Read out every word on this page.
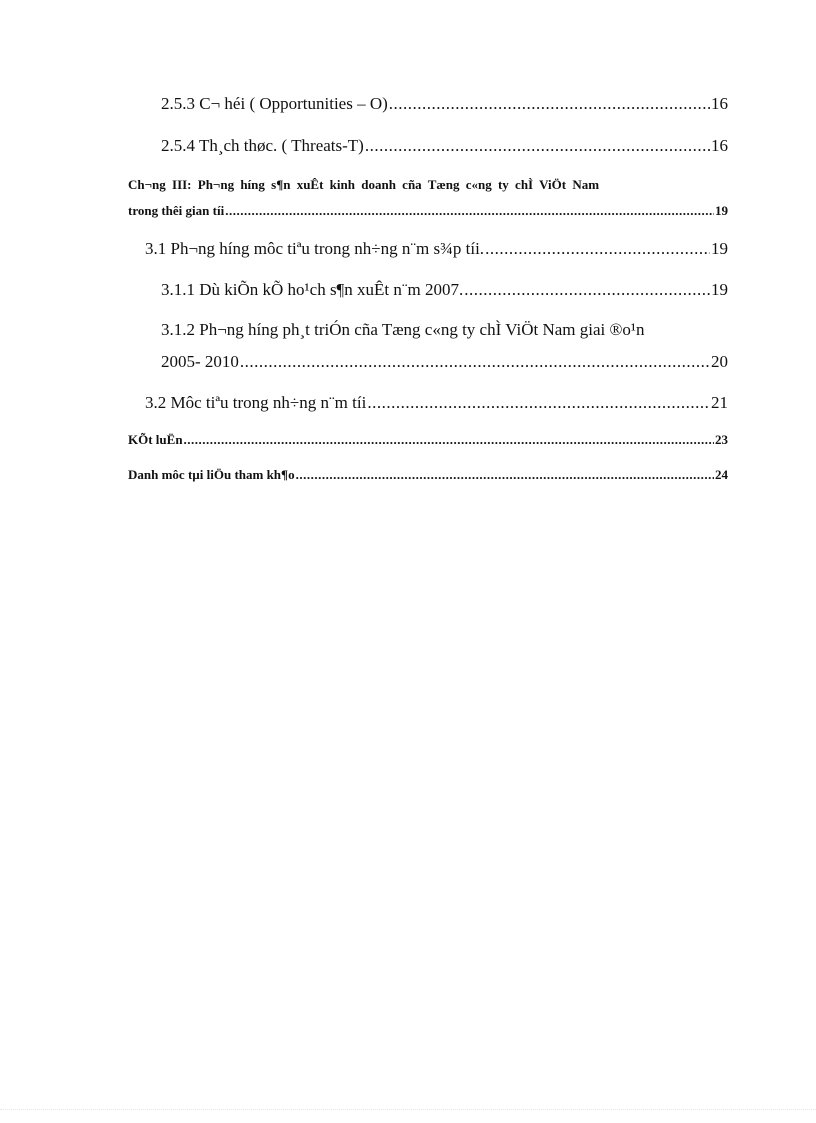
2.5.3 C¬ héi ( Opportunities – O) .....	16
2.5.4 Th¸ch thøc. ( Threats-T) .....	16
Ch¬ng III: Ph¬ng híng s¶n xuÊt kinh doanh cña Tæng c«ng ty chÌ ViÖt Nam
trong thêi gian tíi .....	19
3.1 Ph¬ng híng môc tiªu trong nh÷ng n¨m s¾p tíi. .....	19
3.1.1 Dù kiÕn kÕ ho¹ch s¶n xuÊt n¨m 2007. .....	19
3.1.2 Ph¬ng híng ph¸t triÓn cña Tæng c«ng ty chÌ ViÖt Nam giai ®o¹n
2005- 2010 .....	20
3.2 Môc tiªu trong nh÷ng n¨m tíi .....	21
KÕt luËn .....	23
Danh môc tµi liÖu tham kh¶o .....	24
